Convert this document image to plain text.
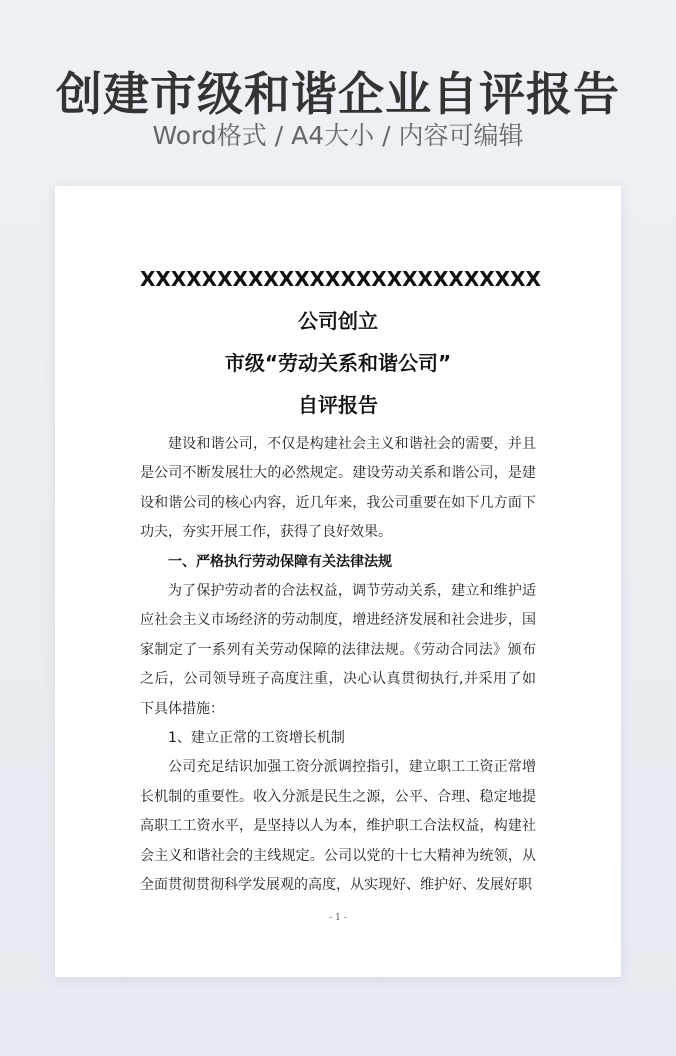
创建市级和谐企业自评报告
Word格式 / A4大小 / 内容可编辑
XXXXXXXXXXXXXXXXXXXXXXXXXX 公司创立
市级“劳动关系和谐公司”
自评报告

建设和谐公司，不仅是构建社会主义和谐社会的需要，并且是公司不断发展壮大的必然规定。建设劳动关系和谐公司，是建设和谐公司的核心内容，近几年来，我公司重要在如下几方面下功夫，夯实开展工作，获得了良好效果。

一、严格执行劳动保障有关法律法规

为了保护劳动者的合法权益，调节劳动关系，建立和维护适应社会主义市场经济的劳动制度，增进经济发展和社会进步，国家制定了一系列有关劳动保障的法律法规。《劳动合同法》颁布之后，公司领导班子高度注重，决心认真贯彻执行,并采用了如下具体措施：

1、建立正常的工资增长机制

公司充足结识加强工资分派调控指引，建立职工工资正常增长机制的重要性。收入分派是民生之源，公平、合理、稳定地提高职工工资水平，是坚持以人为本，维护职工合法权益，构建社会主义和谐社会的主线规定。公司以党的十七大精神为统领，从全面贯彻贯彻科学发展观的高度，从实现好、维护好、发展好职

- 1 -
